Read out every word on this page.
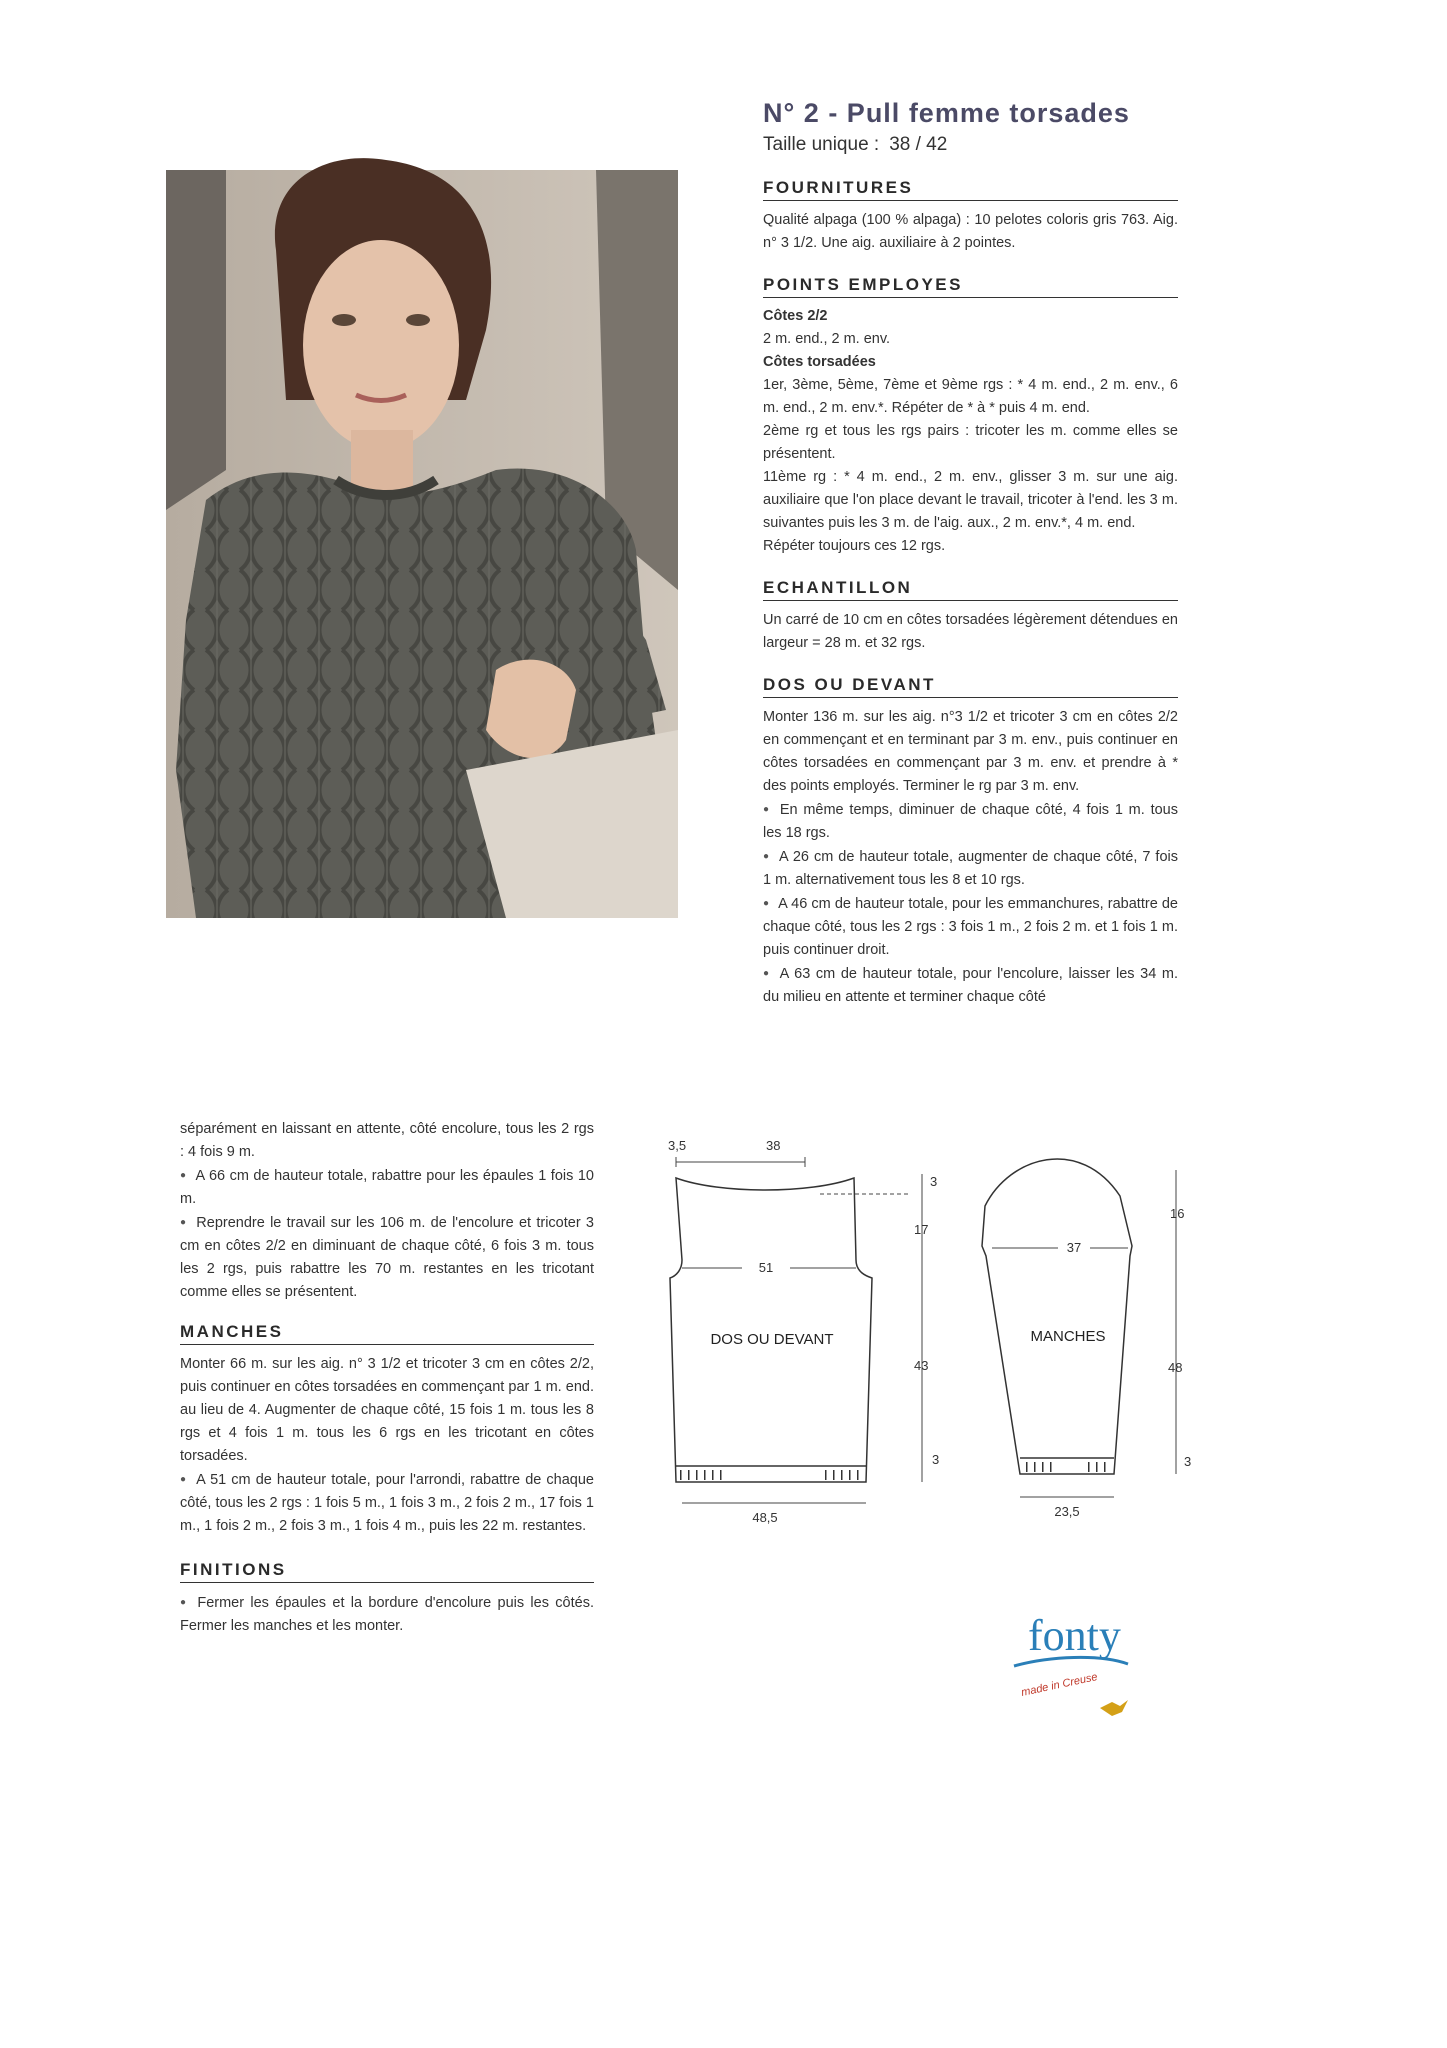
N° 2 - Pull femme torsades
Taille unique : 38 / 42
FOURNITURES

Qualité alpaga (100 % alpaga) : 10 pelotes coloris gris 763. Aig. n° 3 1/2. Une aig. auxiliaire à 2 pointes.

POINTS EMPLOYES

Côtes 2/2

2 m. end., 2 m. env.

Côtes torsadées

1er, 3ème, 5ème, 7ème et 9ème rgs : * 4 m. end., 2 m. env., 6 m. end., 2 m. env.*. Répéter de * à * puis 4 m. end.

2ème rg et tous les rgs pairs : tricoter les m. comme elles se présentent.

11ème rg : * 4 m. end., 2 m. env., glisser 3 m. sur une aig. auxiliaire que l'on place devant le travail, tricoter à l'end. les 3 m. suivantes puis les 3 m. de l'aig. aux., 2 m. env.*, 4 m. end.

Répéter toujours ces 12 rgs.

ECHANTILLON

Un carré de 10 cm en côtes torsadées légèrement détendues en largeur = 28 m. et 32 rgs.

DOS OU DEVANT

Monter 136 m. sur les aig. n°3 1/2 et tricoter 3 cm en côtes 2/2 en commençant et en terminant par 3 m. env., puis continuer en côtes torsadées en commençant par 3 m. env. et prendre à * des points employés. Terminer le rg par 3 m. env.

● En même temps, diminuer de chaque côté, 4 fois 1 m. tous les 18 rgs.

● A 26 cm de hauteur totale, augmenter de chaque côté, 7 fois 1 m. alternativement tous les 8 et 10 rgs.

● A 46 cm de hauteur totale, pour les emmanchures, rabattre de chaque côté, tous les 2 rgs : 3 fois 1 m., 2 fois 2 m. et 1 fois 1 m. puis continuer droit.

● A 63 cm de hauteur totale, pour l'encolure, laisser les 34 m. du milieu en attente et terminer chaque côté

séparément en laissant en attente, côté encolure, tous les 2 rgs : 4 fois 9 m.

● A 66 cm de hauteur totale, rabattre pour les épaules 1 fois 10 m.

● Reprendre le travail sur les 106 m. de l'encolure et tricoter 3 cm en côtes 2/2 en diminuant de chaque côté, 6 fois 3 m. tous les 2 rgs, puis rabattre les 70 m. restantes en les tricotant comme elles se présentent.

MANCHES

Monter 66 m. sur les aig. n° 3 1/2 et tricoter 3 cm en côtes 2/2, puis continuer en côtes torsadées en commençant par 1 m. end. au lieu de 4. Augmenter de chaque côté, 15 fois 1 m. tous les 8 rgs et 4 fois 1 m. tous les 6 rgs en les tricotant en côtes torsadées.

● A 51 cm de hauteur totale, pour l'arrondi, rabattre de chaque côté, tous les 2 rgs : 1 fois 5 m., 1 fois 3 m., 2 fois 2 m., 17 fois 1 m., 1 fois 2 m., 2 fois 3 m., 1 fois 4 m., puis les 22 m. restantes.

FINITIONS

● Fermer les épaules et la bordure d'encolure puis les côtés. Fermer les manches et les monter.

3,5	38
3
17
51
43
3
48,5
16
37
48
3
23,5
DOS OU DEVANT	MANCHES
fonty
made in Creuse
